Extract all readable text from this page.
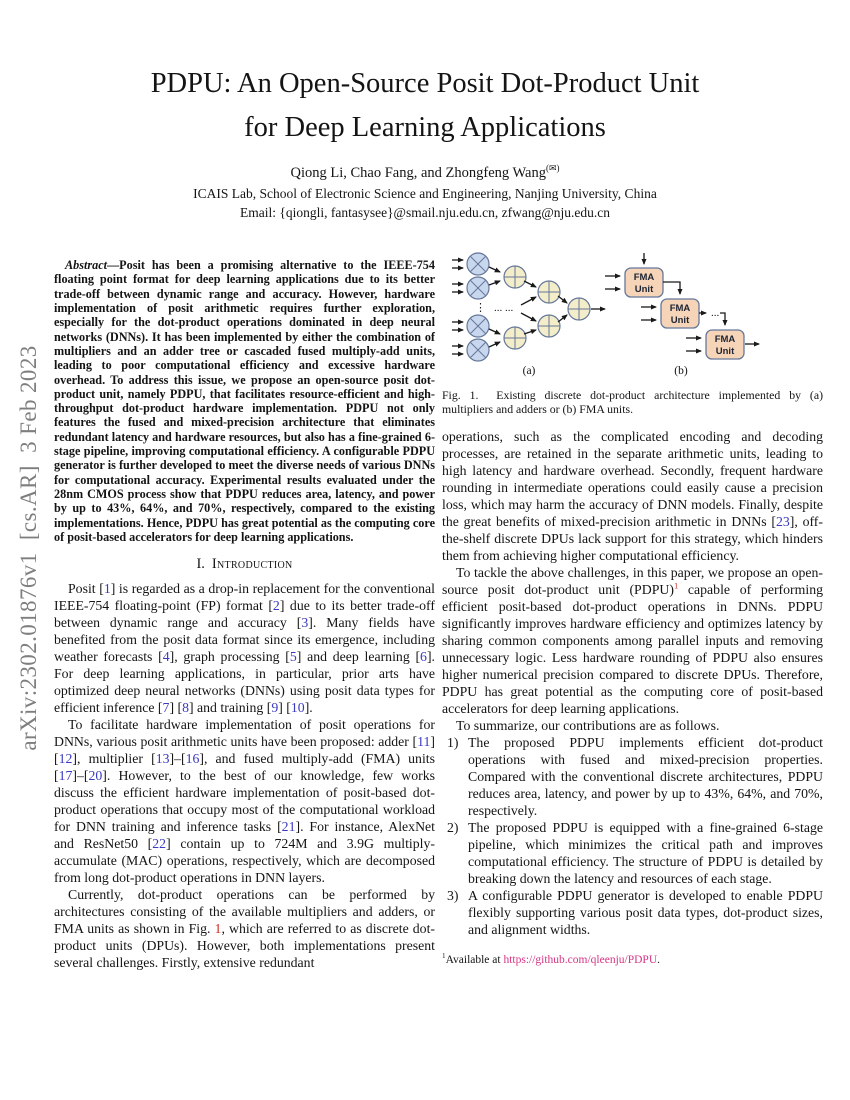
arXiv:2302.01876v1  [cs.AR]  3 Feb 2023
PDPU: An Open-Source Posit Dot-Product Unit
for Deep Learning Applications
Qiong Li, Chao Fang, and Zhongfeng Wang(✉)
ICAIS Lab, School of Electronic Science and Engineering, Nanjing University, China
Email: {qiongli, fantasysee}@smail.nju.edu.cn, zfwang@nju.edu.cn

Abstract—Posit has been a promising alternative to the IEEE-754 floating point format for deep learning applications due to its better trade-off between dynamic range and accuracy. However, hardware implementation of posit arithmetic requires further exploration, especially for the dot-product operations dominated in deep neural networks (DNNs). It has been implemented by either the combination of multipliers and an adder tree or cascaded fused multiply-add units, leading to poor computational efficiency and excessive hardware overhead. To address this issue, we propose an open-source posit dot-product unit, namely PDPU, that facilitates resource-efficient and high-throughput dot-product hardware implementation. PDPU not only features the fused and mixed-precision architecture that eliminates redundant latency and hardware resources, but also has a fine-grained 6-stage pipeline, improving computational efficiency. A configurable PDPU generator is further developed to meet the diverse needs of various DNNs for computational accuracy. Experimental results evaluated under the 28nm CMOS process show that PDPU reduces area, latency, and power by up to 43%, 64%, and 70%, respectively, compared to the existing implementations. Hence, PDPU has great potential as the computing core of posit-based accelerators for deep learning applications.

I. Introduction

Posit [1] is regarded as a drop-in replacement for the conventional IEEE-754 floating-point (FP) format [2] due to its better trade-off between dynamic range and accuracy [3]. Many fields have benefited from the posit data format since its emergence, including weather forecasts [4], graph processing [5] and deep learning [6]. For deep learning applications, in particular, prior arts have optimized deep neural networks (DNNs) using posit data types for efficient inference [7] [8] and training [9] [10].

To facilitate hardware implementation of posit operations for DNNs, various posit arithmetic units have been proposed: adder [11] [12], multiplier [13]–[16], and fused multiply-add (FMA) units [17]–[20]. However, to the best of our knowledge, few works discuss the efficient hardware implementation of posit-based dot-product operations that occupy most of the computational workload for DNN training and inference tasks [21]. For instance, AlexNet and ResNet50 [22] contain up to 724M and 3.9G multiply-accumulate (MAC) operations, respectively, which are decomposed from long dot-product operations in DNN layers.

Currently, dot-product operations can be performed by architectures consisting of the available multipliers and adders, or FMA units as shown in Fig. 1, which are referred to as discrete dot-product units (DPUs). However, both implementations present several challenges. Firstly, extensive redundant

⋮ ... ...
(a)
FMA
Unit
FMA
Unit
...
FMA
Unit
(b)
Fig. 1.  Existing discrete dot-product architecture implemented by (a) multipliers and adders or (b) FMA units.

operations, such as the complicated encoding and decoding processes, are retained in the separate arithmetic units, leading to high latency and hardware overhead. Secondly, frequent hardware rounding in intermediate operations could easily cause a precision loss, which may harm the accuracy of DNN models. Finally, despite the great benefits of mixed-precision arithmetic in DNNs [23], off-the-shelf discrete DPUs lack support for this strategy, which hinders them from achieving higher computational efficiency.

To tackle the above challenges, in this paper, we propose an open-source posit dot-product unit (PDPU)$^1$ capable of performing efficient posit-based dot-product operations in DNNs. PDPU significantly improves hardware efficiency and optimizes latency by sharing common components among parallel inputs and removing unnecessary logic. Less hardware rounding of PDPU also ensures higher numerical precision compared to discrete DPUs. Therefore, PDPU has great potential as the computing core of posit-based accelerators for deep learning applications.

To summarize, our contributions are as follows.

1) The proposed PDPU implements efficient dot-product operations with fused and mixed-precision properties. Compared with the conventional discrete architectures, PDPU reduces area, latency, and power by up to 43%, 64%, and 70%, respectively.
2) The proposed PDPU is equipped with a fine-grained 6-stage pipeline, which minimizes the critical path and improves computational efficiency. The structure of PDPU is detailed by breaking down the latency and resources of each stage.
3) A configurable PDPU generator is developed to enable PDPU flexibly supporting various posit data types, dot-product sizes, and alignment widths.
$^1$Available at https://github.com/qleenju/PDPU.
